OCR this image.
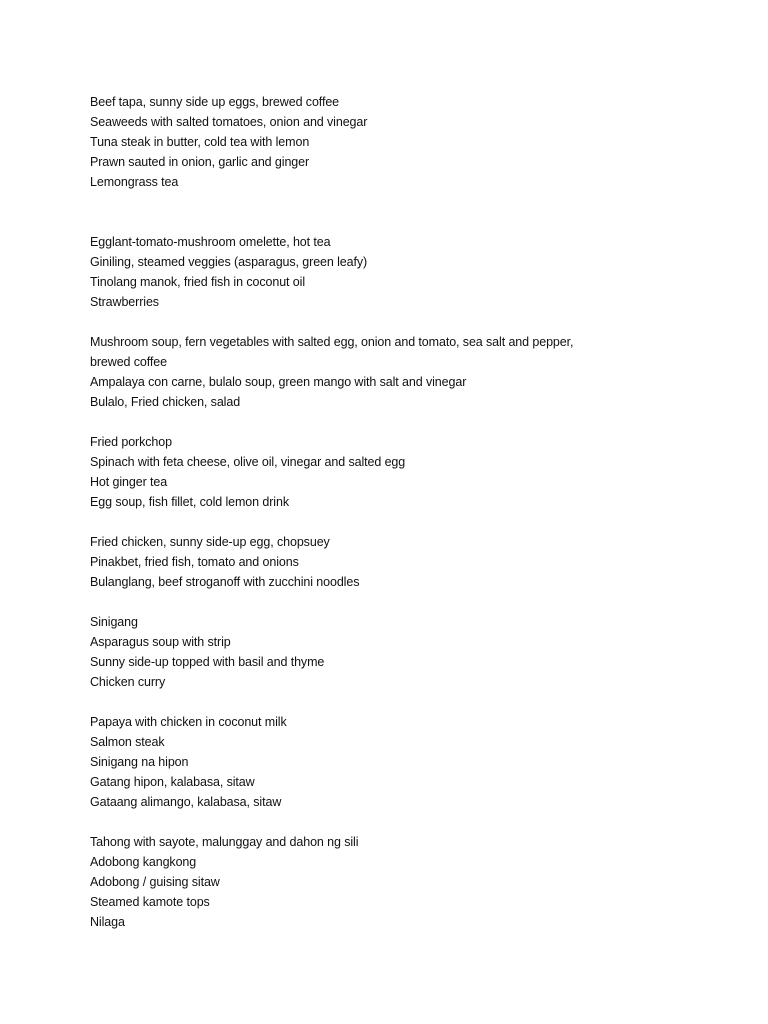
Beef tapa, sunny side up eggs, brewed coffee
Seaweeds with salted tomatoes, onion and vinegar
Tuna steak in butter, cold tea with lemon
Prawn sauted in onion, garlic and ginger
Lemongrass tea
Egglant-tomato-mushroom omelette, hot tea
Giniling, steamed veggies (asparagus, green leafy)
Tinolang manok, fried fish in coconut oil
Strawberries
Mushroom soup, fern vegetables with salted egg, onion and tomato, sea salt and pepper,
brewed coffee
Ampalaya con carne, bulalo soup, green mango with salt and vinegar
Bulalo, Fried chicken, salad
Fried porkchop
Spinach with feta cheese, olive oil, vinegar and salted egg
Hot ginger tea
Egg soup, fish fillet, cold lemon drink
Fried chicken, sunny side-up egg, chopsuey
Pinakbet, fried fish, tomato and onions
Bulanglang, beef stroganoff with zucchini noodles
Sinigang
Asparagus soup with strip
Sunny side-up topped with basil and thyme
Chicken curry
Papaya with chicken in coconut milk
Salmon steak
Sinigang na hipon
Gatang hipon, kalabasa, sitaw
Gataang alimango, kalabasa, sitaw
Tahong with sayote, malunggay and dahon ng sili
Adobong kangkong
Adobong / guising sitaw
Steamed kamote tops
Nilaga
